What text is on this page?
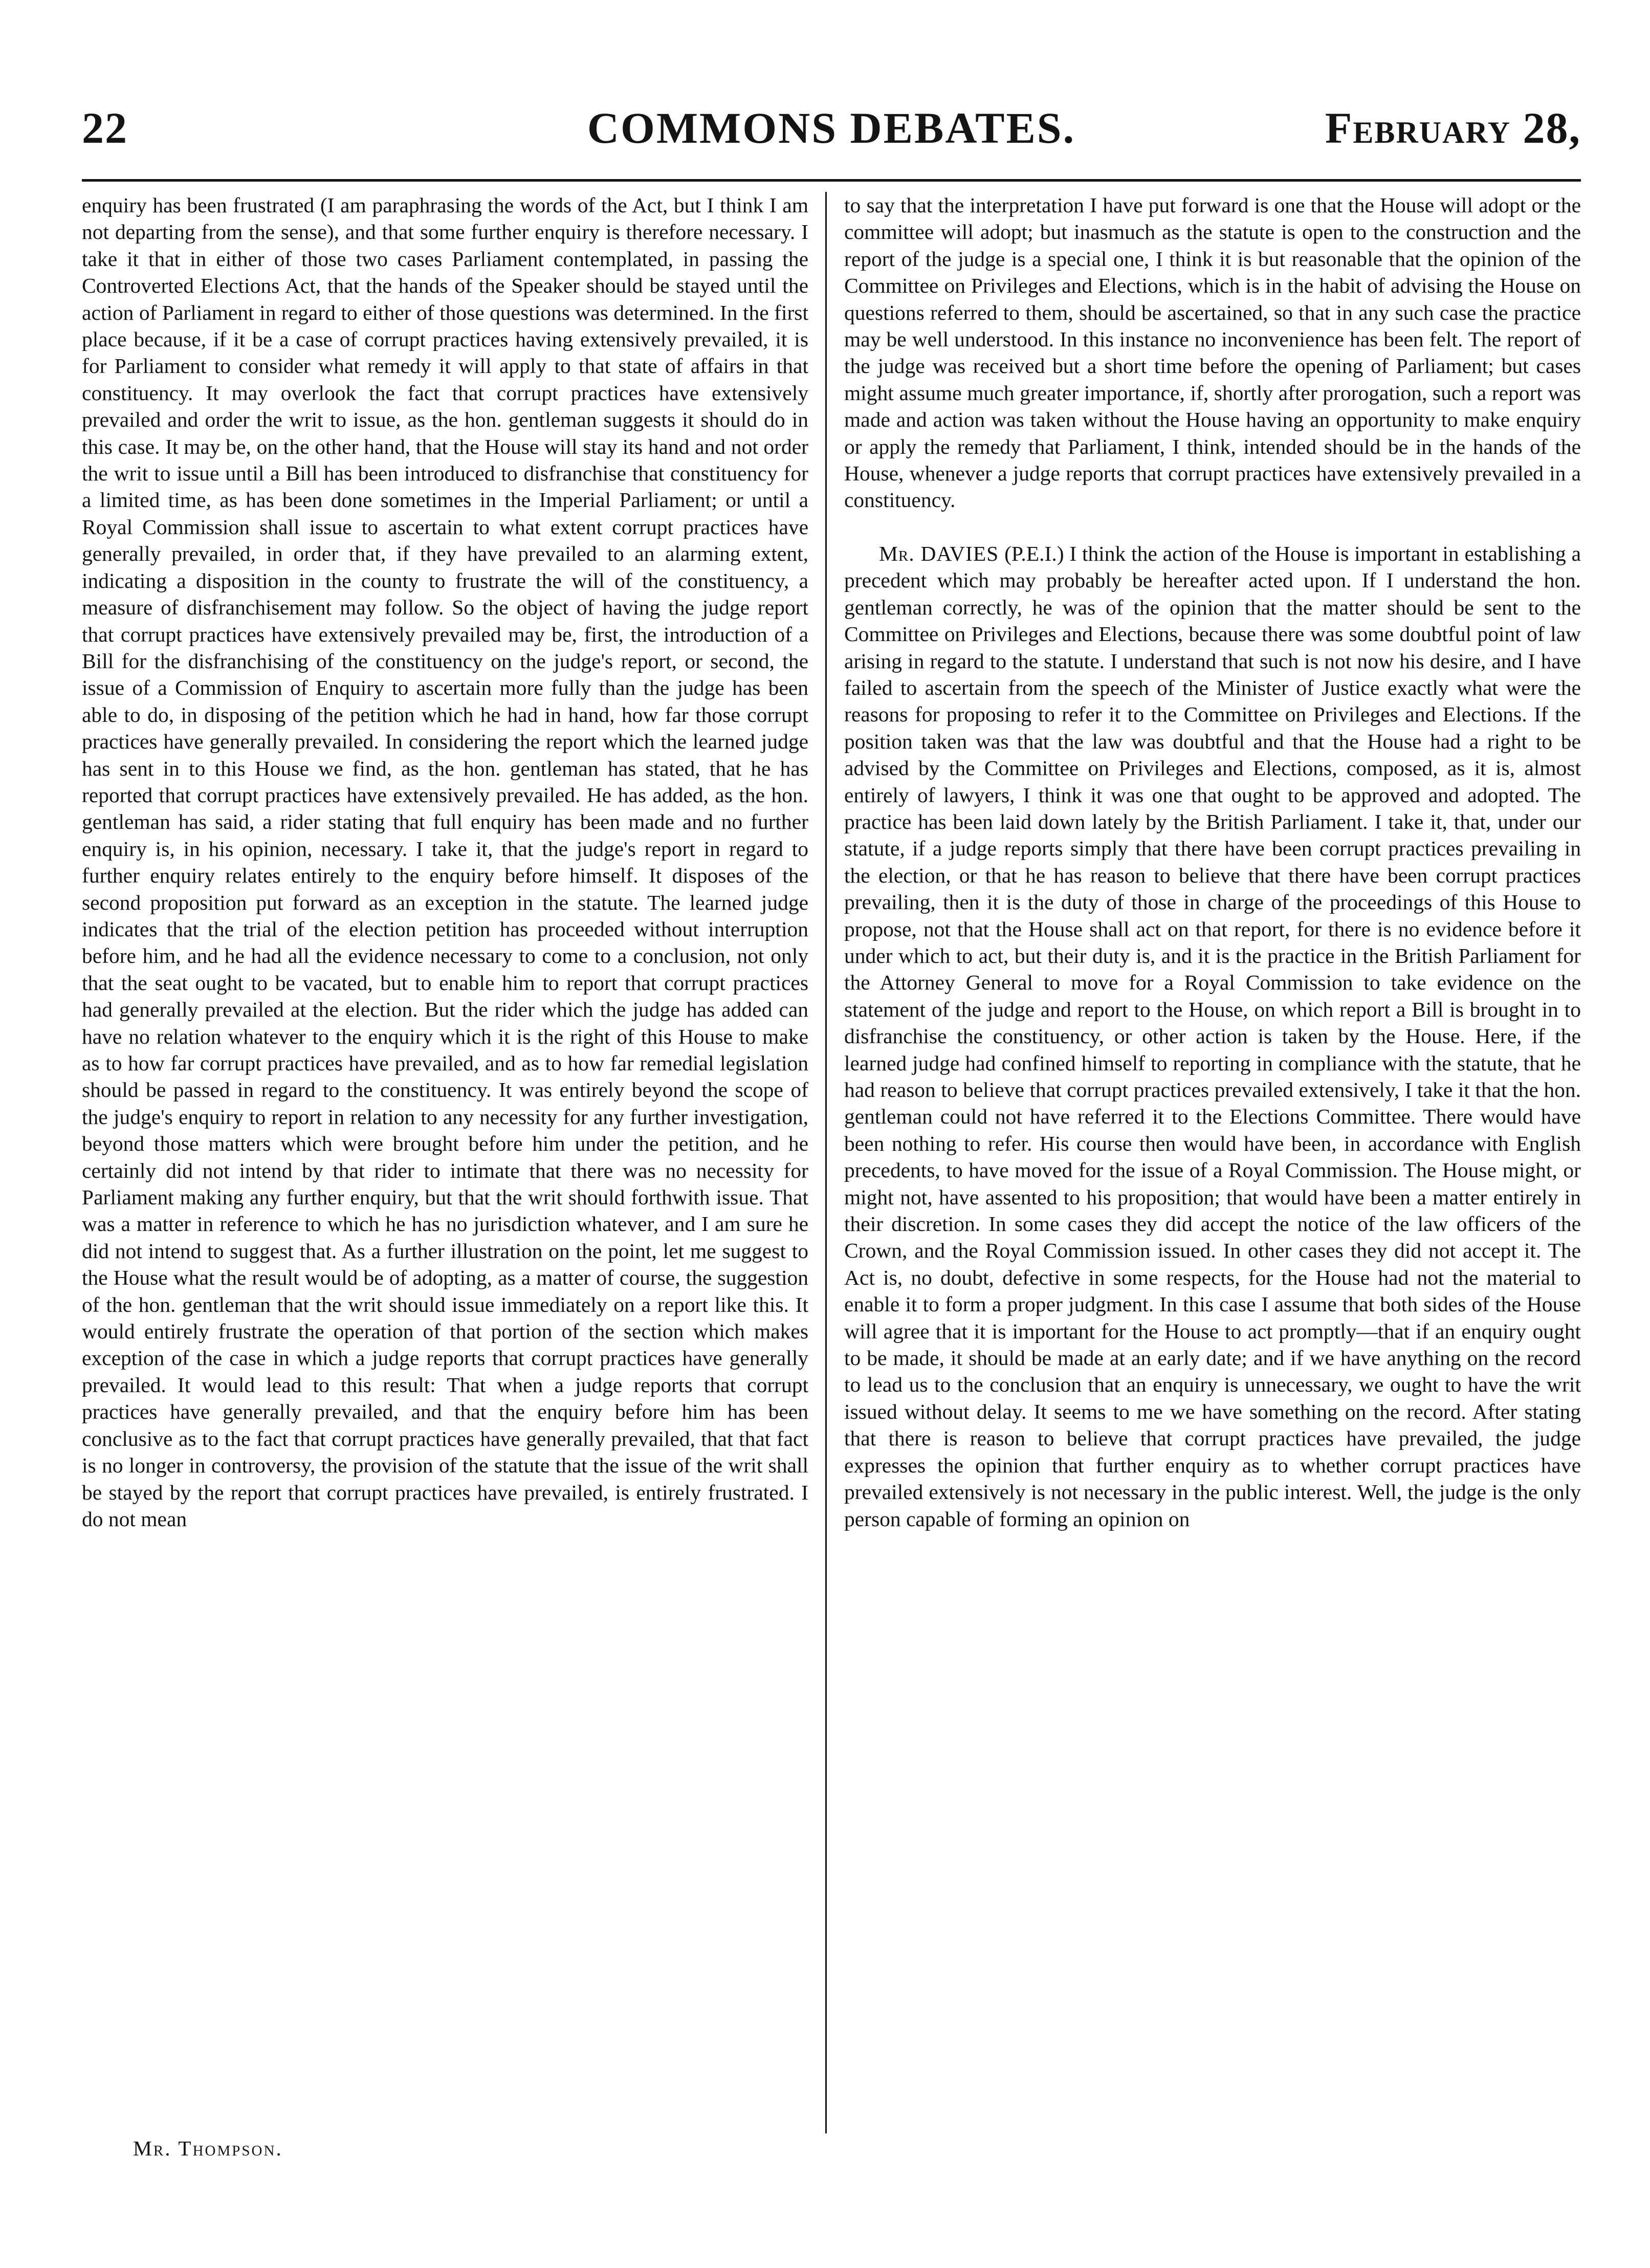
22	COMMONS DEBATES.	February 28,

enquiry has been frustrated (I am paraphrasing the words of the Act, but I think I am not departing from the sense), and that some further enquiry is therefore necessary. I take it that in either of those two cases Parliament contemplated, in passing the Controverted Elections Act, that the hands of the Speaker should be stayed until the action of Parliament in regard to either of those questions was determined. In the first place because, if it be a case of corrupt practices having extensively prevailed, it is for Parliament to consider what remedy it will apply to that state of affairs in that constituency. It may overlook the fact that corrupt practices have extensively prevailed and order the writ to issue, as the hon. gentleman suggests it should do in this case. It may be, on the other hand, that the House will stay its hand and not order the writ to issue until a Bill has been introduced to disfranchise that constituency for a limited time, as has been done sometimes in the Imperial Parliament; or until a Royal Commission shall issue to ascertain to what extent corrupt practices have generally prevailed, in order that, if they have prevailed to an alarming extent, indicating a disposition in the county to frustrate the will of the constituency, a measure of disfranchisement may follow. So the object of having the judge report that corrupt practices have extensively prevailed may be, first, the introduction of a Bill for the disfranchising of the constituency on the judge's report, or second, the issue of a Commission of Enquiry to ascertain more fully than the judge has been able to do, in disposing of the petition which he had in hand, how far those corrupt practices have generally prevailed. In considering the report which the learned judge has sent in to this House we find, as the hon. gentleman has stated, that he has reported that corrupt practices have extensively prevailed. He has added, as the hon. gentleman has said, a rider stating that full enquiry has been made and no further enquiry is, in his opinion, necessary. I take it, that the judge's report in regard to further enquiry relates entirely to the enquiry before himself. It disposes of the second proposition put forward as an exception in the statute. The learned judge indicates that the trial of the election petition has proceeded without interruption before him, and he had all the evidence necessary to come to a conclusion, not only that the seat ought to be vacated, but to enable him to report that corrupt practices had generally prevailed at the election. But the rider which the judge has added can have no relation whatever to the enquiry which it is the right of this House to make as to how far corrupt practices have prevailed, and as to how far remedial legislation should be passed in regard to the constituency. It was entirely beyond the scope of the judge's enquiry to report in relation to any necessity for any further investigation, beyond those matters which were brought before him under the petition, and he certainly did not intend by that rider to intimate that there was no necessity for Parliament making any further enquiry, but that the writ should forthwith issue. That was a matter in reference to which he has no jurisdiction whatever, and I am sure he did not intend to suggest that. As a further illustration on the point, let me suggest to the House what the result would be of adopting, as a matter of course, the suggestion of the hon. gentleman that the writ should issue immediately on a report like this. It would entirely frustrate the operation of that portion of the section which makes exception of the case in which a judge reports that corrupt practices have generally prevailed. It would lead to this result: That when a judge reports that corrupt practices have generally prevailed, and that the enquiry before him has been conclusive as to the fact that corrupt practices have generally prevailed, that that fact is no longer in controversy, the provision of the statute that the issue of the writ shall be stayed by the report that corrupt practices have prevailed, is entirely frustrated. I do not mean

to say that the interpretation I have put forward is one that the House will adopt or the committee will adopt; but inasmuch as the statute is open to the construction and the report of the judge is a special one, I think it is but reasonable that the opinion of the Committee on Privileges and Elections, which is in the habit of advising the House on questions referred to them, should be ascertained, so that in any such case the practice may be well understood. In this instance no inconvenience has been felt. The report of the judge was received but a short time before the opening of Parliament; but cases might assume much greater importance, if, shortly after prorogation, such a report was made and action was taken without the House having an opportunity to make enquiry or apply the remedy that Parliament, I think, intended should be in the hands of the House, whenever a judge reports that corrupt practices have extensively prevailed in a constituency.

Mr. DAVIES (P.E.I.) I think the action of the House is important in establishing a precedent which may probably be hereafter acted upon. If I understand the hon. gentleman correctly, he was of the opinion that the matter should be sent to the Committee on Privileges and Elections, because there was some doubtful point of law arising in regard to the statute. I understand that such is not now his desire, and I have failed to ascertain from the speech of the Minister of Justice exactly what were the reasons for proposing to refer it to the Committee on Privileges and Elections. If the position taken was that the law was doubtful and that the House had a right to be advised by the Committee on Privileges and Elections, composed, as it is, almost entirely of lawyers, I think it was one that ought to be approved and adopted. The practice has been laid down lately by the British Parliament. I take it, that, under our statute, if a judge reports simply that there have been corrupt practices prevailing in the election, or that he has reason to believe that there have been corrupt practices prevailing, then it is the duty of those in charge of the proceedings of this House to propose, not that the House shall act on that report, for there is no evidence before it under which to act, but their duty is, and it is the practice in the British Parliament for the Attorney General to move for a Royal Commission to take evidence on the statement of the judge and report to the House, on which report a Bill is brought in to disfranchise the constituency, or other action is taken by the House. Here, if the learned judge had confined himself to reporting in compliance with the statute, that he had reason to believe that corrupt practices prevailed extensively, I take it that the hon. gentleman could not have referred it to the Elections Committee. There would have been nothing to refer. His course then would have been, in accordance with English precedents, to have moved for the issue of a Royal Commission. The House might, or might not, have assented to his proposition; that would have been a matter entirely in their discretion. In some cases they did accept the notice of the law officers of the Crown, and the Royal Commission issued. In other cases they did not accept it. The Act is, no doubt, defective in some respects, for the House had not the material to enable it to form a proper judgment. In this case I assume that both sides of the House will agree that it is important for the House to act promptly—that if an enquiry ought to be made, it should be made at an early date; and if we have anything on the record to lead us to the conclusion that an enquiry is unnecessary, we ought to have the writ issued without delay. It seems to me we have something on the record. After stating that there is reason to believe that corrupt practices have prevailed, the judge expresses the opinion that further enquiry as to whether corrupt practices have prevailed extensively is not necessary in the public interest. Well, the judge is the only person capable of forming an opinion on

Mr. Thompson.
